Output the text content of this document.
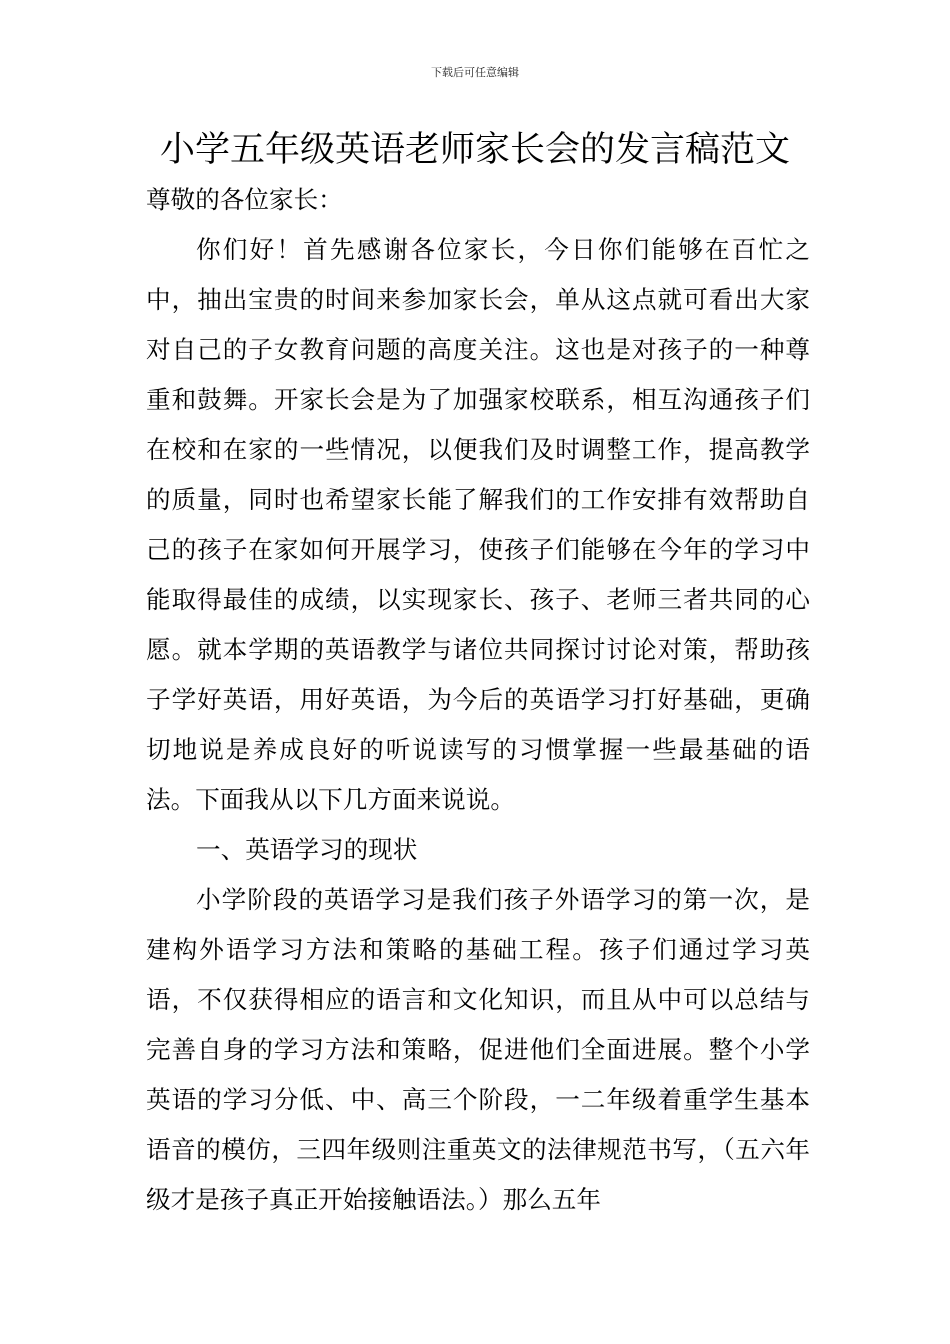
下载后可任意编辑
小学五年级英语老师家长会的发言稿范文

尊敬的各位家长：

你们好！首先感谢各位家长，今日你们能够在百忙之中，抽出宝贵的时间来参加家长会，单从这点就可看出大家对自己的子女教育问题的高度关注。这也是对孩子的一种尊重和鼓舞。开家长会是为了加强家校联系，相互沟通孩子们在校和在家的一些情况，以便我们及时调整工作，提高教学的质量，同时也希望家长能了解我们的工作安排有效帮助自己的孩子在家如何开展学习，使孩子们能够在今年的学习中能取得最佳的成绩，以实现家长、孩子、老师三者共同的心愿。就本学期的英语教学与诸位共同探讨讨论对策，帮助孩子学好英语，用好英语，为今后的英语学习打好基础，更确切地说是养成良好的听说读写的习惯掌握一些最基础的语法。下面我从以下几方面来说说。

一、英语学习的现状

小学阶段的英语学习是我们孩子外语学习的第一次，是建构外语学习方法和策略的基础工程。孩子们通过学习英语，不仅获得相应的语言和文化知识，而且从中可以总结与完善自身的学习方法和策略，促进他们全面进展。整个小学英语的学习分低、中、高三个阶段，一二年级着重学生基本语音的模仿，三四年级则注重英文的法律规范书写，（五六年级才是孩子真正开始接触语法。）那么五年
